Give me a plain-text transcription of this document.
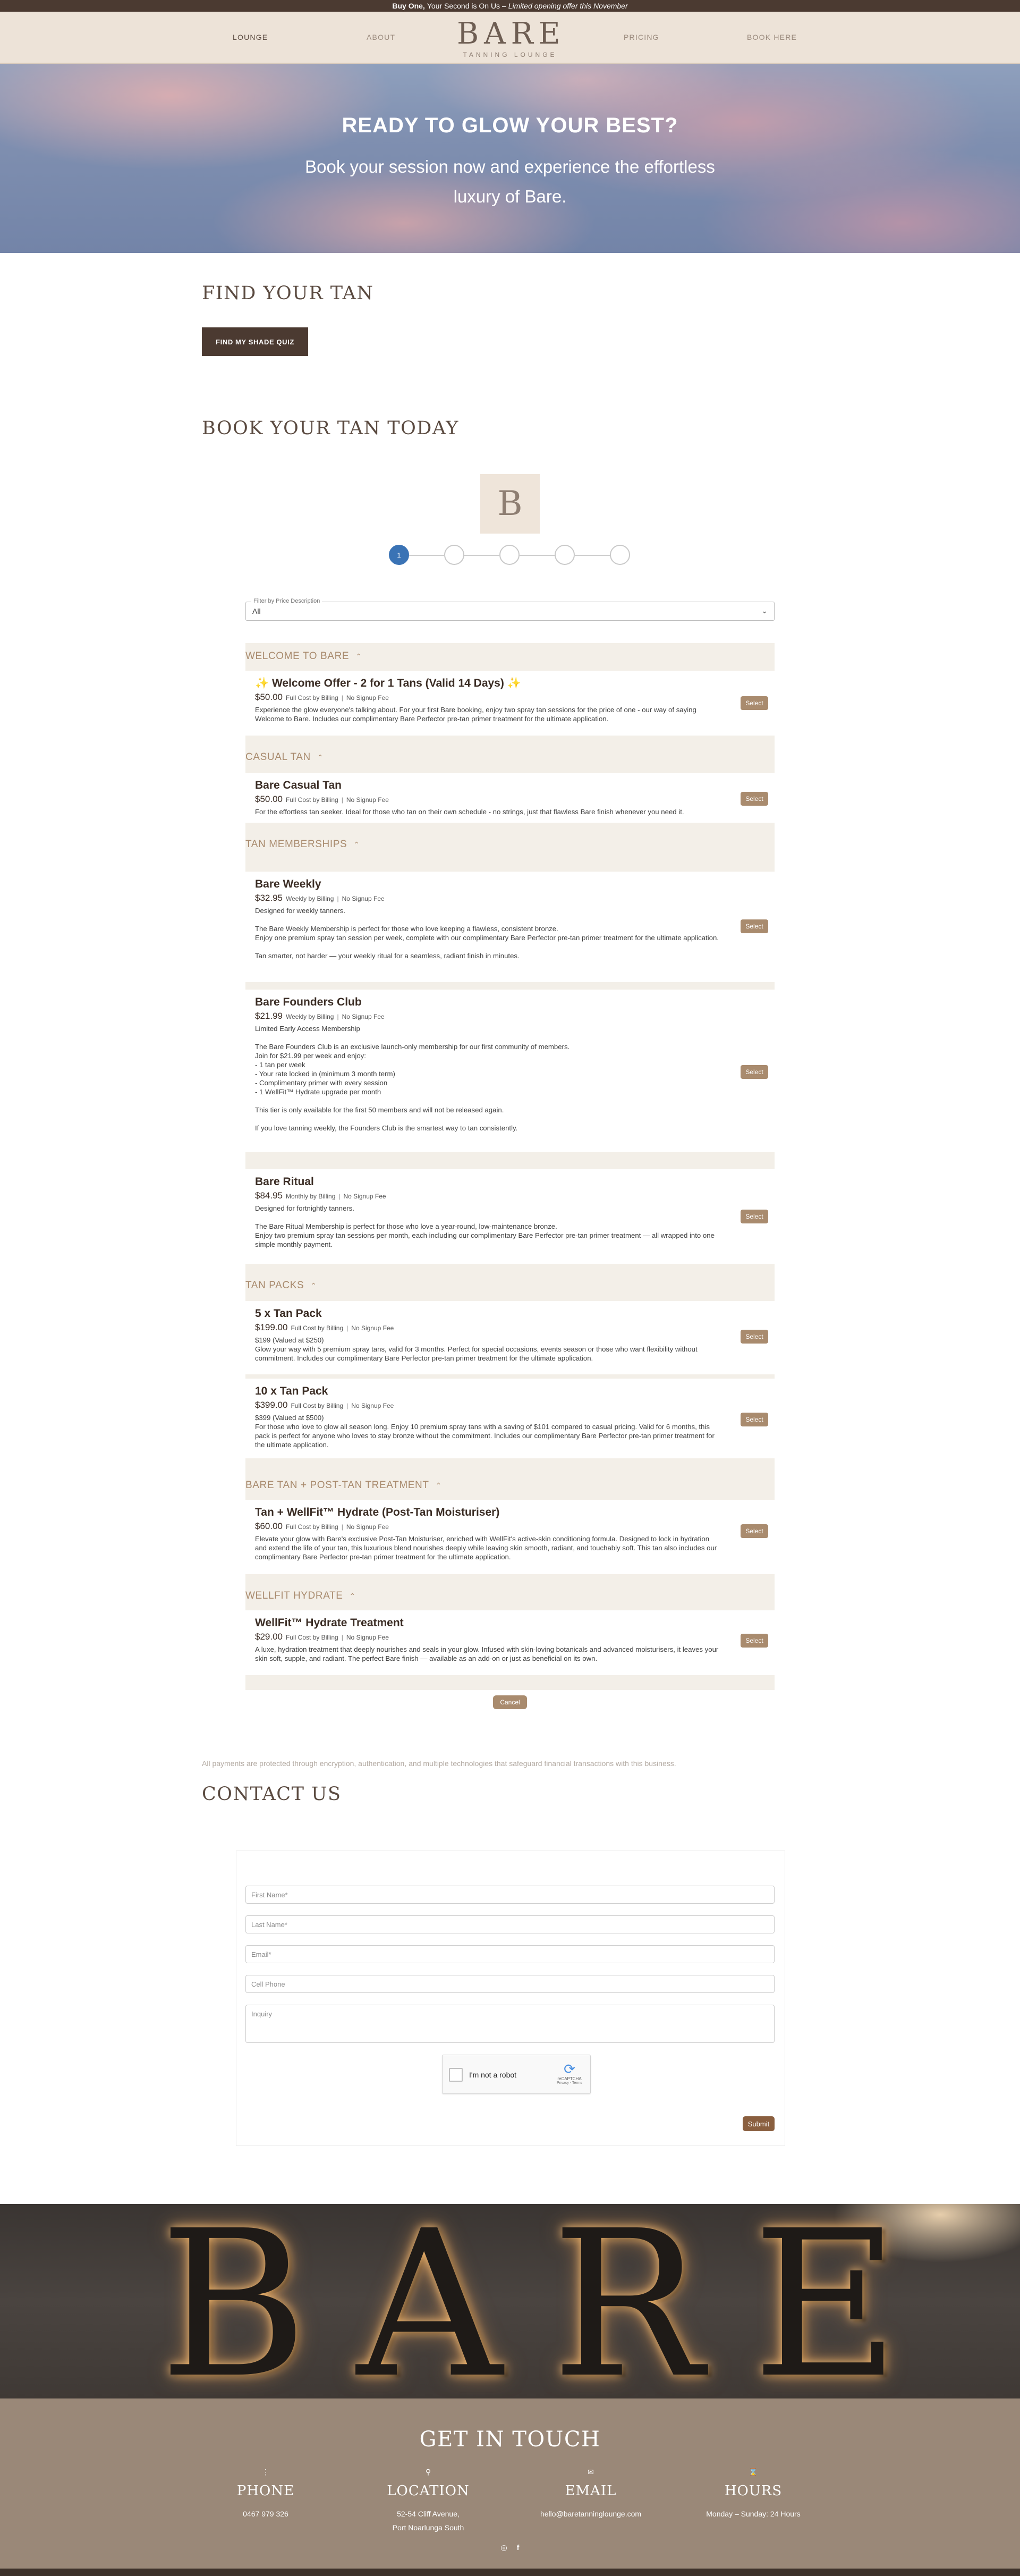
Buy One, Your Second is On Us – Limited opening offer this November
LOUNGE	ABOUT BARE
TANNING LOUNGE
PRICING	BOOK HERE
READY TO GLOW YOUR BEST?
Book your session now and experience the effortless luxury of Bare.
FIND YOUR TAN
FIND MY SHADE QUIZ
BOOK YOUR TAN TODAY
B
1
Filter by Price Description
All	⌄
WELCOME TO BARE ⌃
CASUAL TAN ⌃
TAN MEMBERSHIPS ⌃
TAN PACKS ⌃
BARE TAN + POST-TAN TREATMENT ⌃
WELLFIT HYDRATE ⌃
✨ Welcome Offer - 2 for 1 Tans (Valid 14 Days) ✨
$50.00 Full Cost by Billing | No Signup Fee
Experience the glow everyone's talking about. For your first Bare booking, enjoy two spray tan sessions for the price of one - our way of saying Welcome to Bare. Includes our complimentary Bare Perfector pre-tan primer treatment for the ultimate application.
Select
Bare Casual Tan
$50.00 Full Cost by Billing | No Signup Fee
For the effortless tan seeker. Ideal for those who tan on their own schedule - no strings, just that flawless Bare finish whenever you need it.
Select
Bare Weekly
$32.95 Weekly by Billing | No Signup Fee
Designed for weekly tanners.

The Bare Weekly Membership is perfect for those who love keeping a flawless, consistent bronze.
Enjoy one premium spray tan session per week, complete with our complimentary Bare Perfector pre-tan primer treatment for the ultimate application.

Tan smarter, not harder — your weekly ritual for a seamless, radiant finish in minutes.
Select
Bare Founders Club
$21.99 Weekly by Billing | No Signup Fee
Limited Early Access Membership

The Bare Founders Club is an exclusive launch-only membership for our first community of members.
Join for $21.99 per week and enjoy:
- 1 tan per week
- Your rate locked in (minimum 3 month term)
- Complimentary primer with every session
- 1 WellFit™ Hydrate upgrade per month

This tier is only available for the first 50 members and will not be released again.

If you love tanning weekly, the Founders Club is the smartest way to tan consistently.
Select
Bare Ritual
$84.95 Monthly by Billing | No Signup Fee
Designed for fortnightly tanners.

The Bare Ritual Membership is perfect for those who love a year-round, low-maintenance bronze.
Enjoy two premium spray tan sessions per month, each including our complimentary Bare Perfector pre-tan primer treatment — all wrapped into one simple monthly payment.
Select
5 x Tan Pack
$199.00 Full Cost by Billing | No Signup Fee
$199 (Valued at $250)
Glow your way with 5 premium spray tans, valid for 3 months. Perfect for special occasions, events season or those who want flexibility without commitment. Includes our complimentary Bare Perfector pre-tan primer treatment for the ultimate application.
Select
10 x Tan Pack
$399.00 Full Cost by Billing | No Signup Fee
$399 (Valued at $500)
For those who love to glow all season long. Enjoy 10 premium spray tans with a saving of $101 compared to casual pricing. Valid for 6 months, this pack is perfect for anyone who loves to stay bronze without the commitment. Includes our complimentary Bare Perfector pre-tan primer treatment for the ultimate application.
Select
Tan + WellFit™ Hydrate (Post-Tan Moisturiser)
$60.00 Full Cost by Billing | No Signup Fee
Elevate your glow with Bare's exclusive Post-Tan Moisturiser, enriched with WellFit's active-skin conditioning formula. Designed to lock in hydration and extend the life of your tan, this luxurious blend nourishes deeply while leaving skin smooth, radiant, and touchably soft. This tan also includes our complimentary Bare Perfector pre-tan primer treatment for the ultimate application.
Select
WellFit™ Hydrate Treatment
$29.00 Full Cost by Billing | No Signup Fee
A luxe, hydration treatment that deeply nourishes and seals in your glow. Infused with skin-loving botanicals and advanced moisturisers, it leaves your skin soft, supple, and radiant. The perfect Bare finish — available as an add-on or just as beneficial on its own.
Select
Cancel
All payments are protected through encryption, authentication, and multiple technologies that safeguard financial transactions with this business.
CONTACT US
First Name*
Last Name*
Email*
Cell Phone
Inquiry
I'm not a robot	⟳
reCAPTCHA
Privacy - Terms
Submit
BARE
GET IN TOUCH
⋮
PHONE
0467 979 326
⚲
LOCATION
52-54 Cliff Avenue,
Port Noarlunga South
✉
EMAIL
hello@baretanninglounge.com
⌛
HOURS
Monday – Sunday: 24 Hours
◎ f
